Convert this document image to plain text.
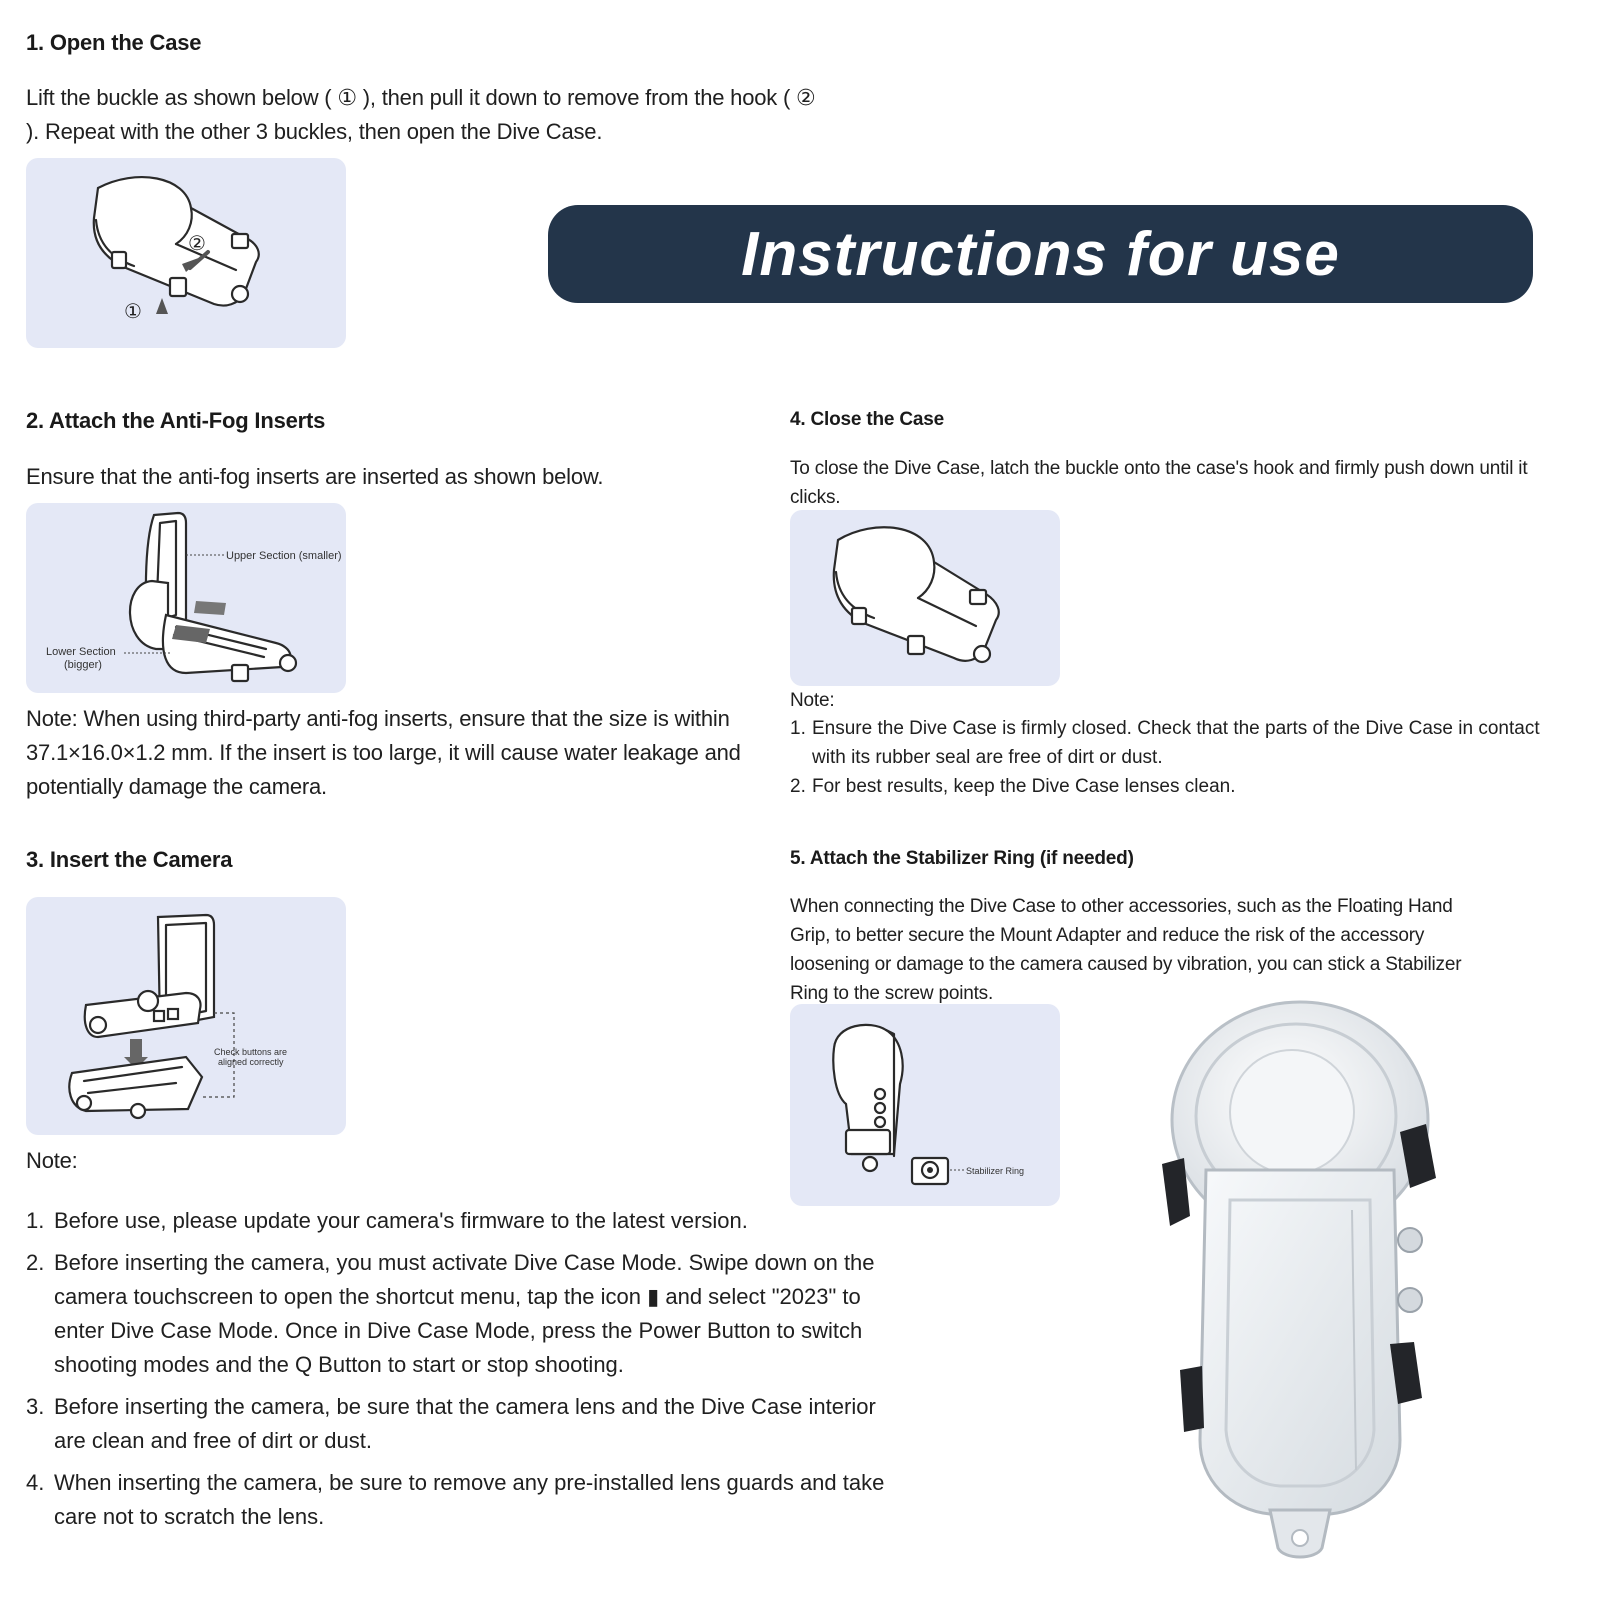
1. Open the Case
Lift the buckle as shown below ( ① ), then pull it down to remove from the hook ( ②
). Repeat with the other 3 buckles, then open the Dive Case.
②
①
Instructions for use
2. Attach the Anti-Fog Inserts
Ensure that the anti-fog inserts are inserted as shown below.
Upper Section (smaller)
Lower Section
(bigger)
Note: When using third-party anti-fog inserts, ensure that the size is within 37.1×16.0×1.2 mm. If the insert is too large, it will cause water leakage and potentially damage the camera.
3. Insert the Camera
Check buttons are
aligned correctly
Note:
1. Before use, please update your camera's firmware to the latest version.
2. Before inserting the camera, you must activate Dive Case Mode. Swipe down on the camera touchscreen to open the shortcut menu, tap the icon ▮ and select "2023" to enter Dive Case Mode. Once in Dive Case Mode, press the Power Button to switch shooting modes and the Q Button to start or stop shooting.
3. Before inserting the camera, be sure that the camera lens and the Dive Case interior are clean and free of dirt or dust.
4. When inserting the camera, be sure to remove any pre-installed lens guards and take care not to scratch the lens.
4. Close the Case
To close the Dive Case, latch the buckle onto the case's hook and firmly push down until it clicks.
Note:
1. Ensure the Dive Case is firmly closed. Check that the parts of the Dive Case in contact with its rubber seal are free of dirt or dust.
2. For best results, keep the Dive Case lenses clean.
5. Attach the Stabilizer Ring (if needed)
When connecting the Dive Case to other accessories, such as the Floating Hand Grip, to better secure the Mount Adapter and reduce the risk of the accessory loosening or damage to the camera caused by vibration, you can stick a Stabilizer Ring to the screw points.
Stabilizer Ring
